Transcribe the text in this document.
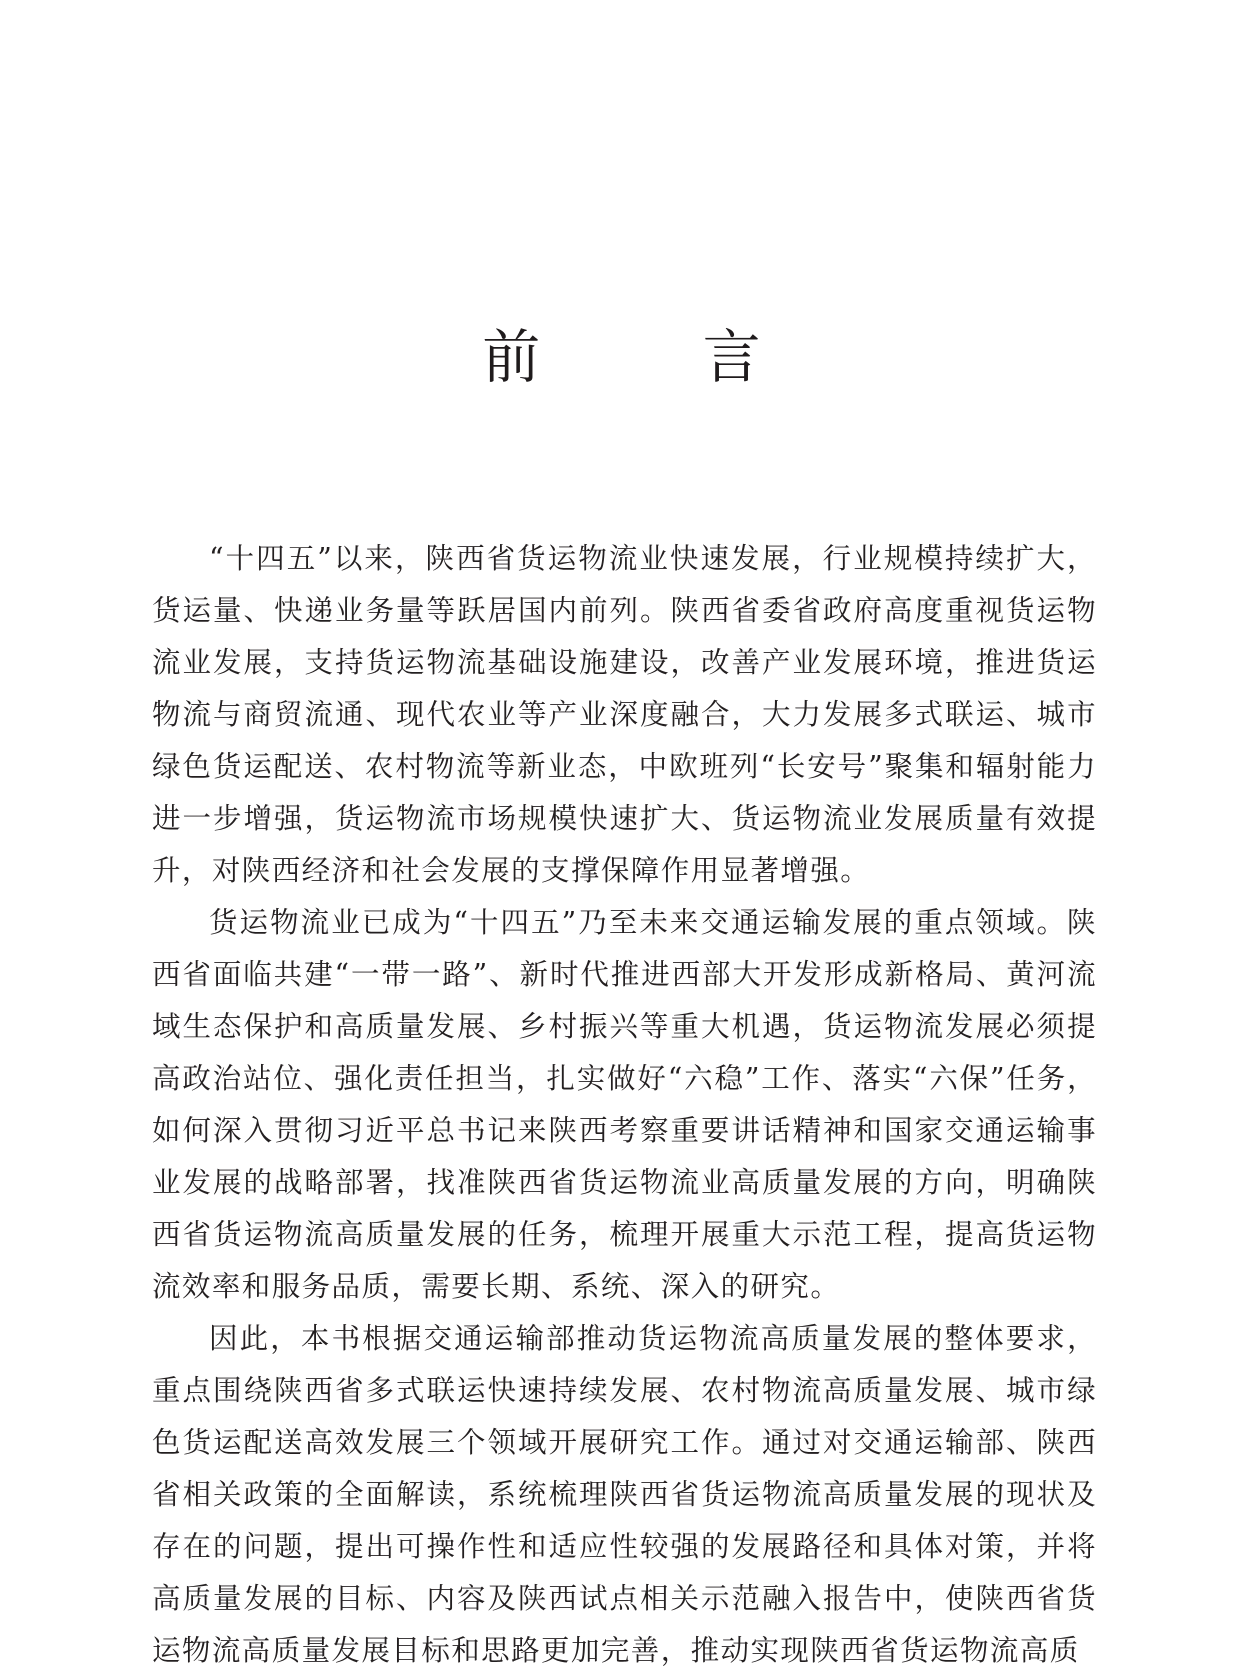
前　言

“十四五”以来，陕西省货运物流业快速发展，行业规模持续扩大，货运量、快递业务量等跃居国内前列。陕西省委省政府高度重视货运物流业发展，支持货运物流基础设施建设，改善产业发展环境，推进货运物流与商贸流通、现代农业等产业深度融合，大力发展多式联运、城市绿色货运配送、农村物流等新业态，中欧班列“长安号”聚集和辐射能力进一步增强，货运物流市场规模快速扩大、货运物流业发展质量有效提升，对陕西经济和社会发展的支撑保障作用显著增强。

货运物流业已成为“十四五”乃至未来交通运输发展的重点领域。陕西省面临共建“一带一路”、新时代推进西部大开发形成新格局、黄河流域生态保护和高质量发展、乡村振兴等重大机遇，货运物流发展必须提高政治站位、强化责任担当，扎实做好“六稳”工作、落实“六保”任务，如何深入贯彻习近平总书记来陕西考察重要讲话精神和国家交通运输事业发展的战略部署，找准陕西省货运物流业高质量发展的方向，明确陕西省货运物流高质量发展的任务，梳理开展重大示范工程，提高货运物流效率和服务品质，需要长期、系统、深入的研究。

因此，本书根据交通运输部推动货运物流高质量发展的整体要求，重点围绕陕西省多式联运快速持续发展、农村物流高质量发展、城市绿色货运配送高效发展三个领域开展研究工作。通过对交通运输部、陕西省相关政策的全面解读，系统梳理陕西省货运物流高质量发展的现状及存在的问题，提出可操作性和适应性较强的发展路径和具体对策，并将高质量发展的目标、内容及陕西试点相关示范融入报告中，使陕西省货运物流高质量发展目标和思路更加完善，推动实现陕西省货运物流高质
